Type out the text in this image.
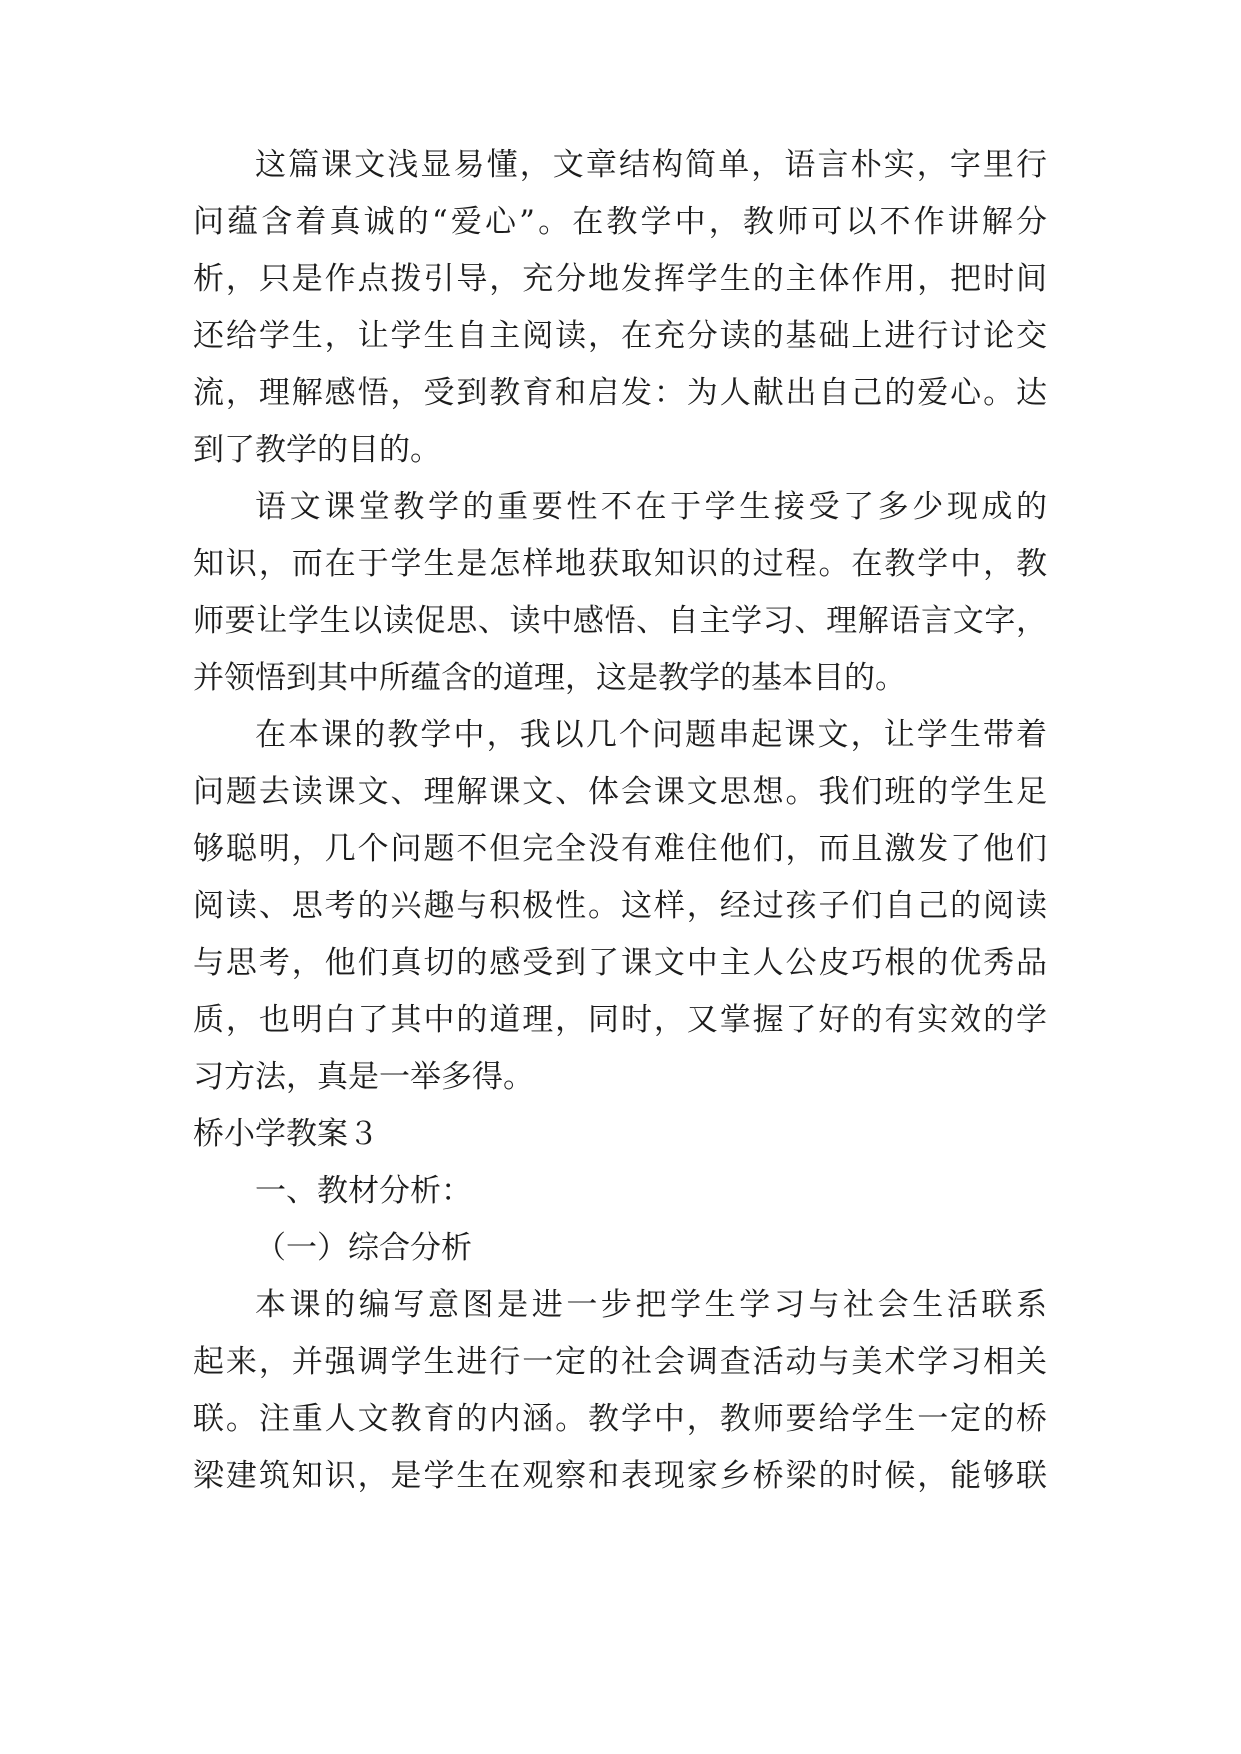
这篇课文浅显易懂，文章结构简单，语言朴实，字里行

问蕴含着真诚的“爱心”。在教学中，教师可以不作讲解分

析，只是作点拨引导，充分地发挥学生的主体作用，把时间

还给学生，让学生自主阅读，在充分读的基础上进行讨论交

流，理解感悟，受到教育和启发：为人献出自己的爱心。达

到了教学的目的。

语文课堂教学的重要性不在于学生接受了多少现成的

知识，而在于学生是怎样地获取知识的过程。在教学中，教

师要让学生以读促思、读中感悟、自主学习、理解语言文字，

并领悟到其中所蕴含的道理，这是教学的基本目的。

在本课的教学中，我以几个问题串起课文，让学生带着

问题去读课文、理解课文、体会课文思想。我们班的学生足

够聪明，几个问题不但完全没有难住他们，而且激发了他们

阅读、思考的兴趣与积极性。这样，经过孩子们自己的阅读

与思考，他们真切的感受到了课文中主人公皮巧根的优秀品

质，也明白了其中的道理，同时，又掌握了好的有实效的学

习方法，真是一举多得。

桥小学教案３

一、教材分析：

（一）综合分析

本课的编写意图是进一步把学生学习与社会生活联系

起来，并强调学生进行一定的社会调查活动与美术学习相关

联。注重人文教育的内涵。教学中，教师要给学生一定的桥

梁建筑知识，是学生在观察和表现家乡桥梁的时候，能够联
